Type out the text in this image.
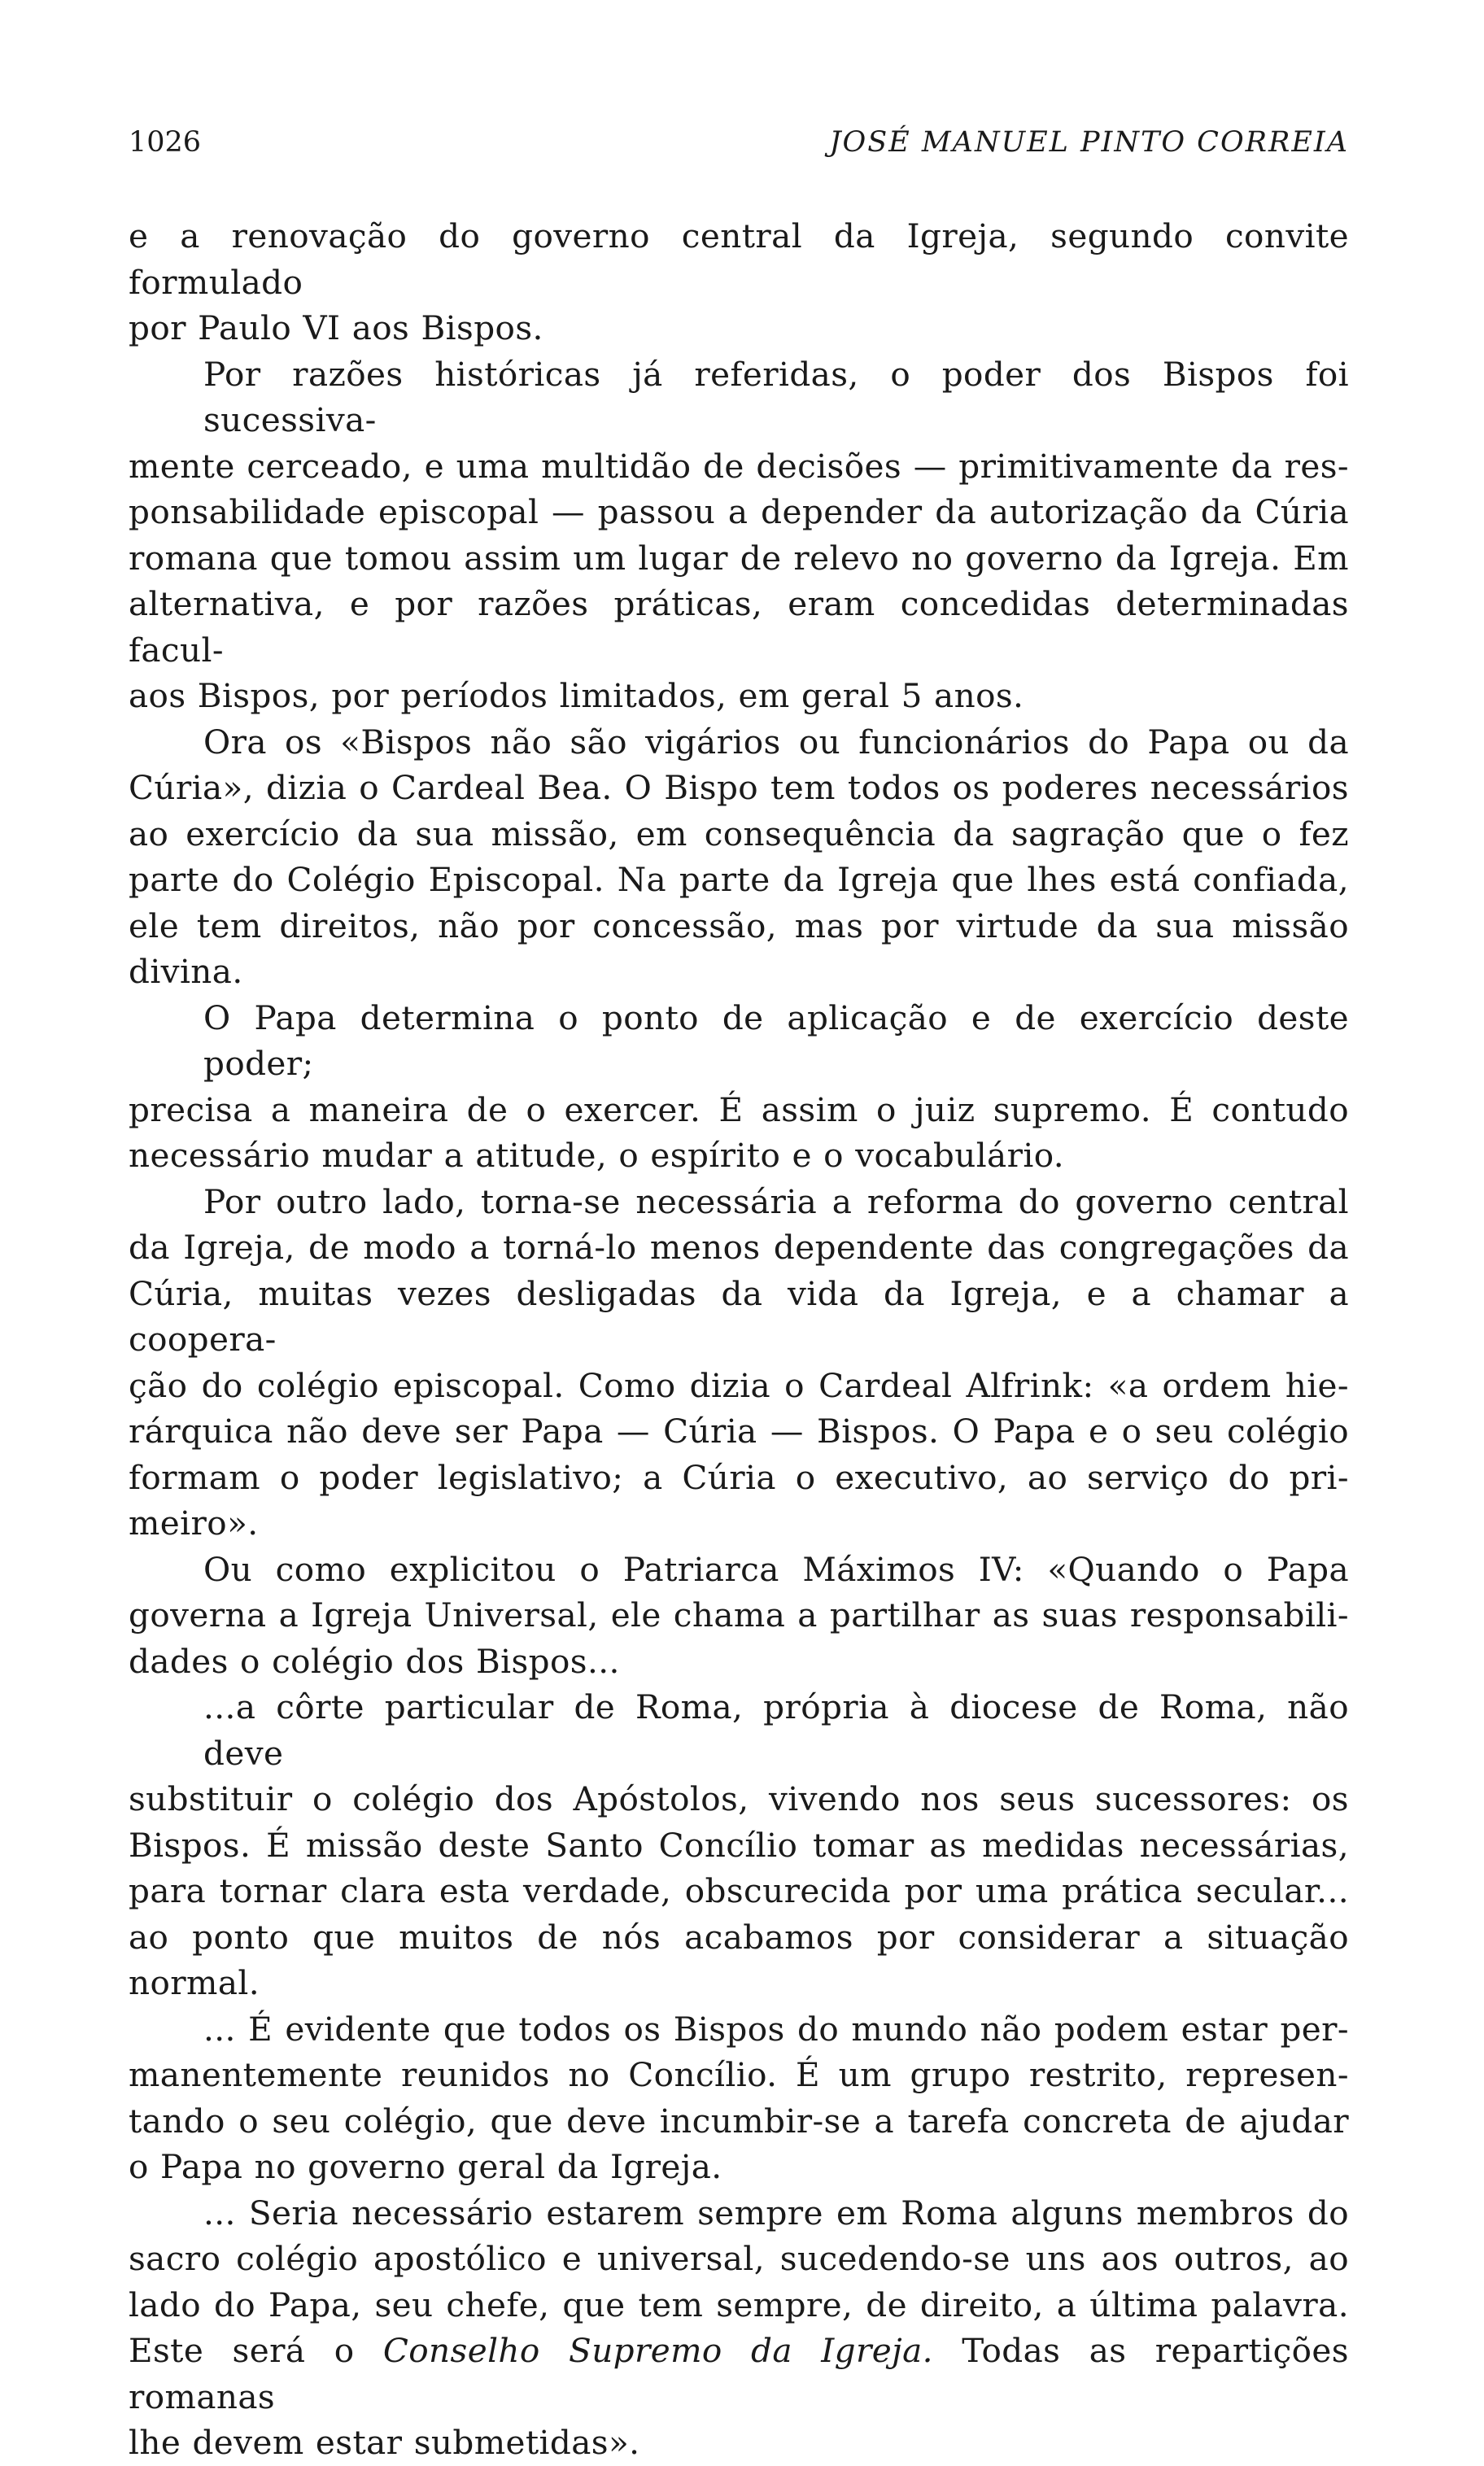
1026	JOSÉ MANUEL PINTO CORREIA

e a renovação do governo central da Igreja, segundo convite formulado
por Paulo VI aos Bispos.

Por razões históricas já referidas, o poder dos Bispos foi sucessiva-
mente cerceado, e uma multidão de decisões — primitivamente da res-
ponsabilidade episcopal — passou a depender da autorização da Cúria
romana que tomou assim um lugar de relevo no governo da Igreja. Em
alternativa, e por razões práticas, eram concedidas determinadas facul-
aos Bispos, por períodos limitados, em geral 5 anos.

Ora os «Bispos não são vigários ou funcionários do Papa ou da
Cúria», dizia o Cardeal Bea. O Bispo tem todos os poderes necessários
ao exercício da sua missão, em consequência da sagração que o fez
parte do Colégio Episcopal. Na parte da Igreja que lhes está confiada,
ele tem direitos, não por concessão, mas por virtude da sua missão
divina.

O Papa determina o ponto de aplicação e de exercício deste poder;
precisa a maneira de o exercer. É assim o juiz supremo. É contudo
necessário mudar a atitude, o espírito e o vocabulário.

Por outro lado, torna-se necessária a reforma do governo central
da Igreja, de modo a torná-lo menos dependente das congregações da
Cúria, muitas vezes desligadas da vida da Igreja, e a chamar a coopera-
ção do colégio episcopal. Como dizia o Cardeal Alfrink: «a ordem hie-
rárquica não deve ser Papa — Cúria — Bispos. O Papa e o seu colégio
formam o poder legislativo; a Cúria o executivo, ao serviço do pri-
meiro».

Ou como explicitou o Patriarca Máximos IV: «Quando o Papa
governa a Igreja Universal, ele chama a partilhar as suas responsabili-
dades o colégio dos Bispos...

...a côrte particular de Roma, própria à diocese de Roma, não deve
substituir o colégio dos Apóstolos, vivendo nos seus sucessores: os
Bispos. É missão deste Santo Concílio tomar as medidas necessárias,
para tornar clara esta verdade, obscurecida por uma prática secular...
ao ponto que muitos de nós acabamos por considerar a situação normal.

... É evidente que todos os Bispos do mundo não podem estar per-
manentemente reunidos no Concílio. É um grupo restrito, represen-
tando o seu colégio, que deve incumbir-se a tarefa concreta de ajudar
o Papa no governo geral da Igreja.

... Seria necessário estarem sempre em Roma alguns membros do
sacro colégio apostólico e universal, sucedendo-se uns aos outros, ao
lado do Papa, seu chefe, que tem sempre, de direito, a última palavra.
Este será o Conselho Supremo da Igreja. Todas as repartições romanas
lhe devem estar submetidas».
